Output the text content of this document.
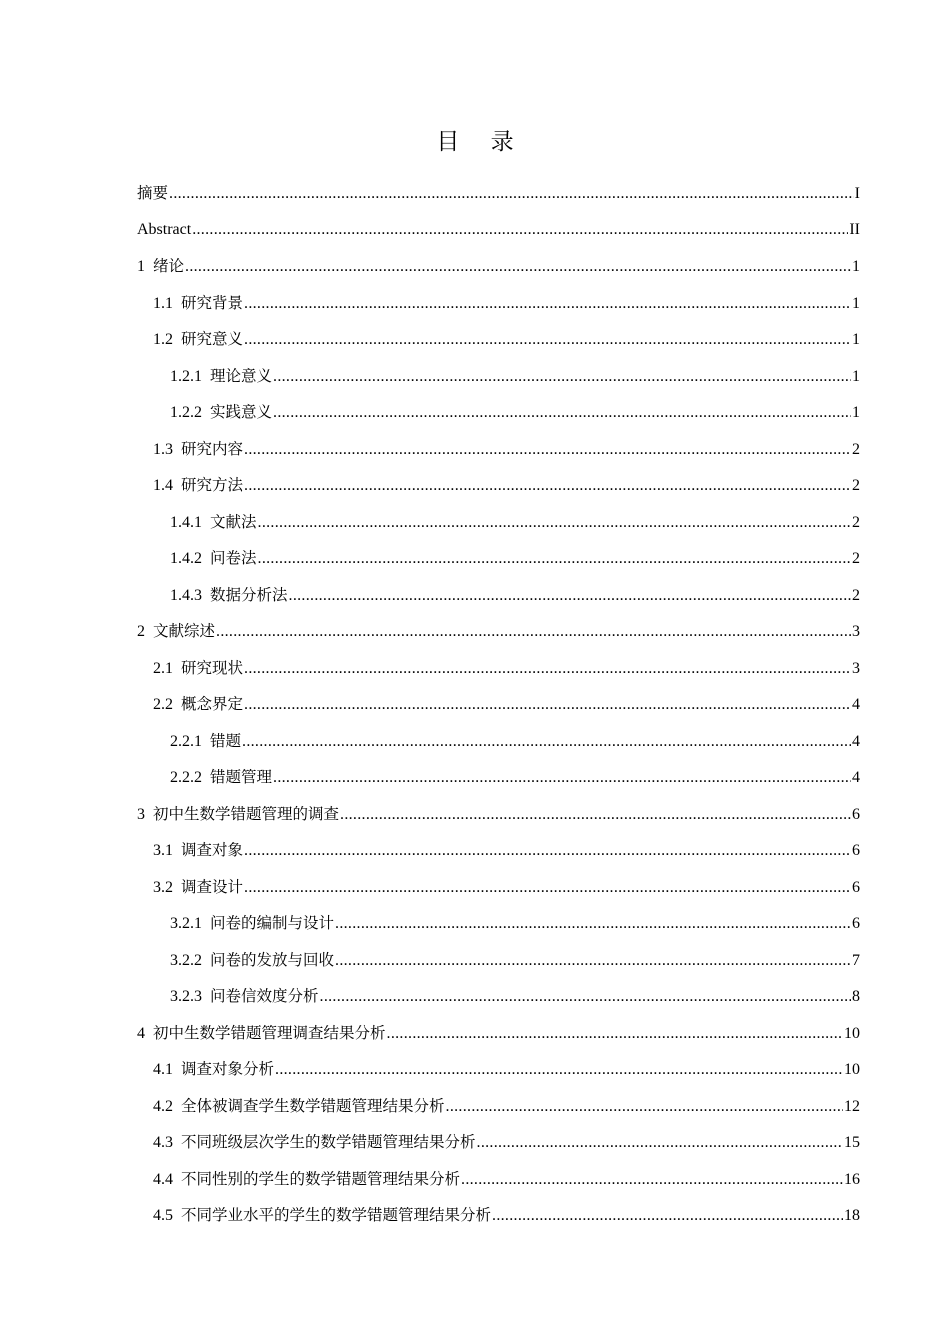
目 录
摘要 .....	I
Abstract .....	II
1 绪论 .....	1
1.1 研究背景 .....	1
1.2 研究意义 .....	1
1.2.1 理论意义 .....	1
1.2.2 实践意义 .....	1
1.3 研究内容 .....	2
1.4 研究方法 .....	2
1.4.1 文献法 .....	2
1.4.2 问卷法 .....	2
1.4.3 数据分析法 .....	2
2 文献综述 .....	3
2.1 研究现状 .....	3
2.2 概念界定 .....	4
2.2.1 错题 .....	4
2.2.2 错题管理 .....	4
3 初中生数学错题管理的调查 .....	6
3.1 调查对象 .....	6
3.2 调查设计 .....	6
3.2.1 问卷的编制与设计 .....	6
3.2.2 问卷的发放与回收 .....	7
3.2.3 问卷信效度分析 .....	8
4 初中生数学错题管理调查结果分析 .....	10
4.1 调查对象分析 .....	10
4.2 全体被调查学生数学错题管理结果分析 .....	12
4.3 不同班级层次学生的数学错题管理结果分析 .....	15
4.4 不同性别的学生的数学错题管理结果分析 .....	16
4.5 不同学业水平的学生的数学错题管理结果分析 .....	18
